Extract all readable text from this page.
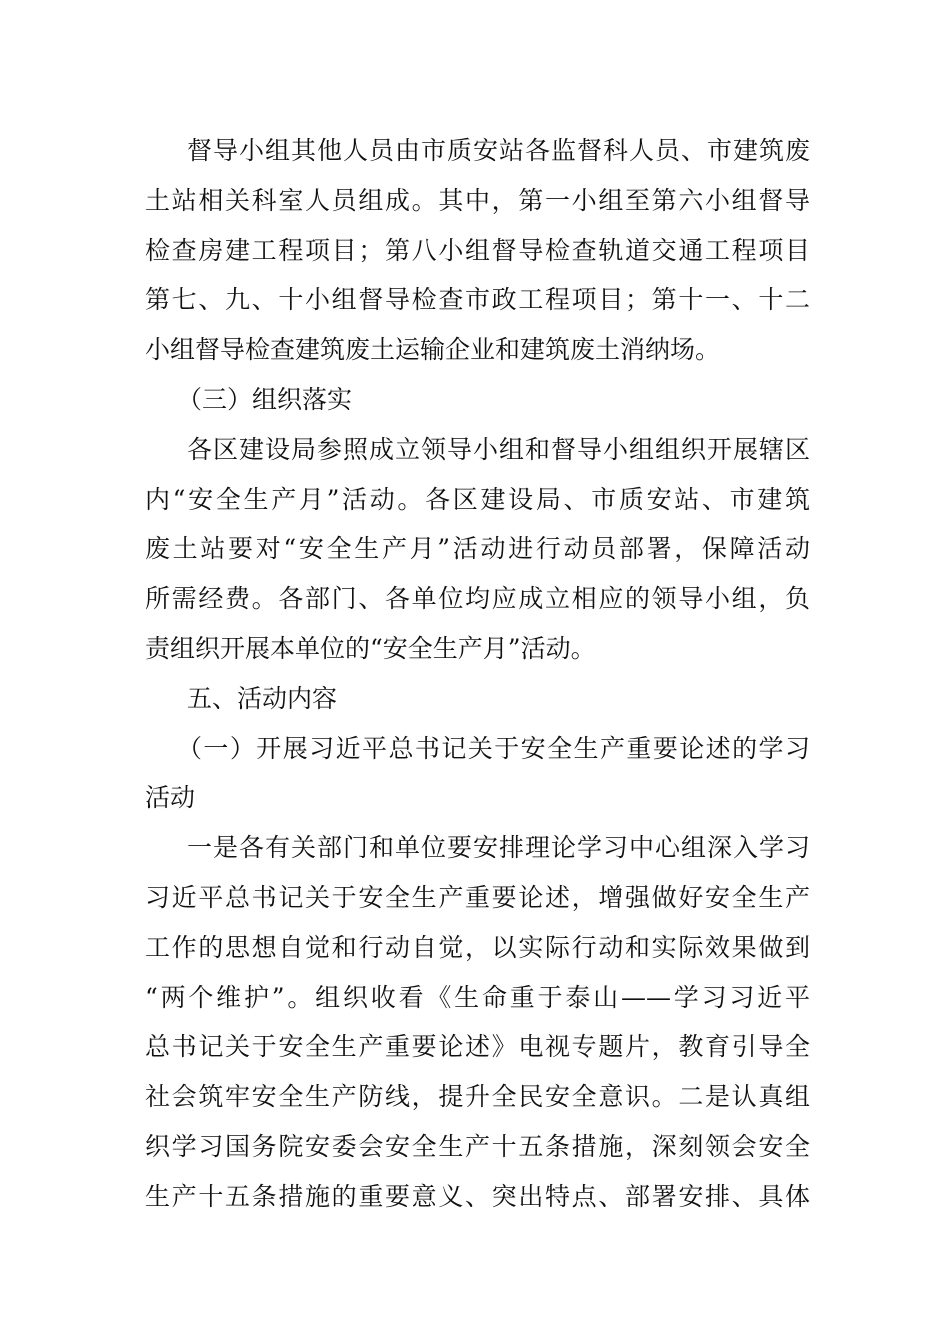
督导小组其他人员由市质安站各监督科人员、市建筑废
土站相关科室人员组成。其中，第一小组至第六小组督导
检查房建工程项目；第八小组督导检查轨道交通工程项目
第七、九、十小组督导检查市政工程项目；第十一、十二
小组督导检查建筑废土运输企业和建筑废土消纳场。

（三）组织落实

各区建设局参照成立领导小组和督导小组组织开展辖区
内“安全生产月”活动。各区建设局、市质安站、市建筑
废土站要对“安全生产月”活动进行动员部署，保障活动
所需经费。各部门、各单位均应成立相应的领导小组，负
责组织开展本单位的“安全生产月”活动。

五、活动内容

（一）开展习近平总书记关于安全生产重要论述的学习
活动

一是各有关部门和单位要安排理论学习中心组深入学习
习近平总书记关于安全生产重要论述，增强做好安全生产
工作的思想自觉和行动自觉，以实际行动和实际效果做到
“两个维护”。组织收看《生命重于泰山——学习习近平
总书记关于安全生产重要论述》电视专题片，教育引导全
社会筑牢安全生产防线，提升全民安全意识。二是认真组
织学习国务院安委会安全生产十五条措施，深刻领会安全
生产十五条措施的重要意义、突出特点、部署安排、具体
